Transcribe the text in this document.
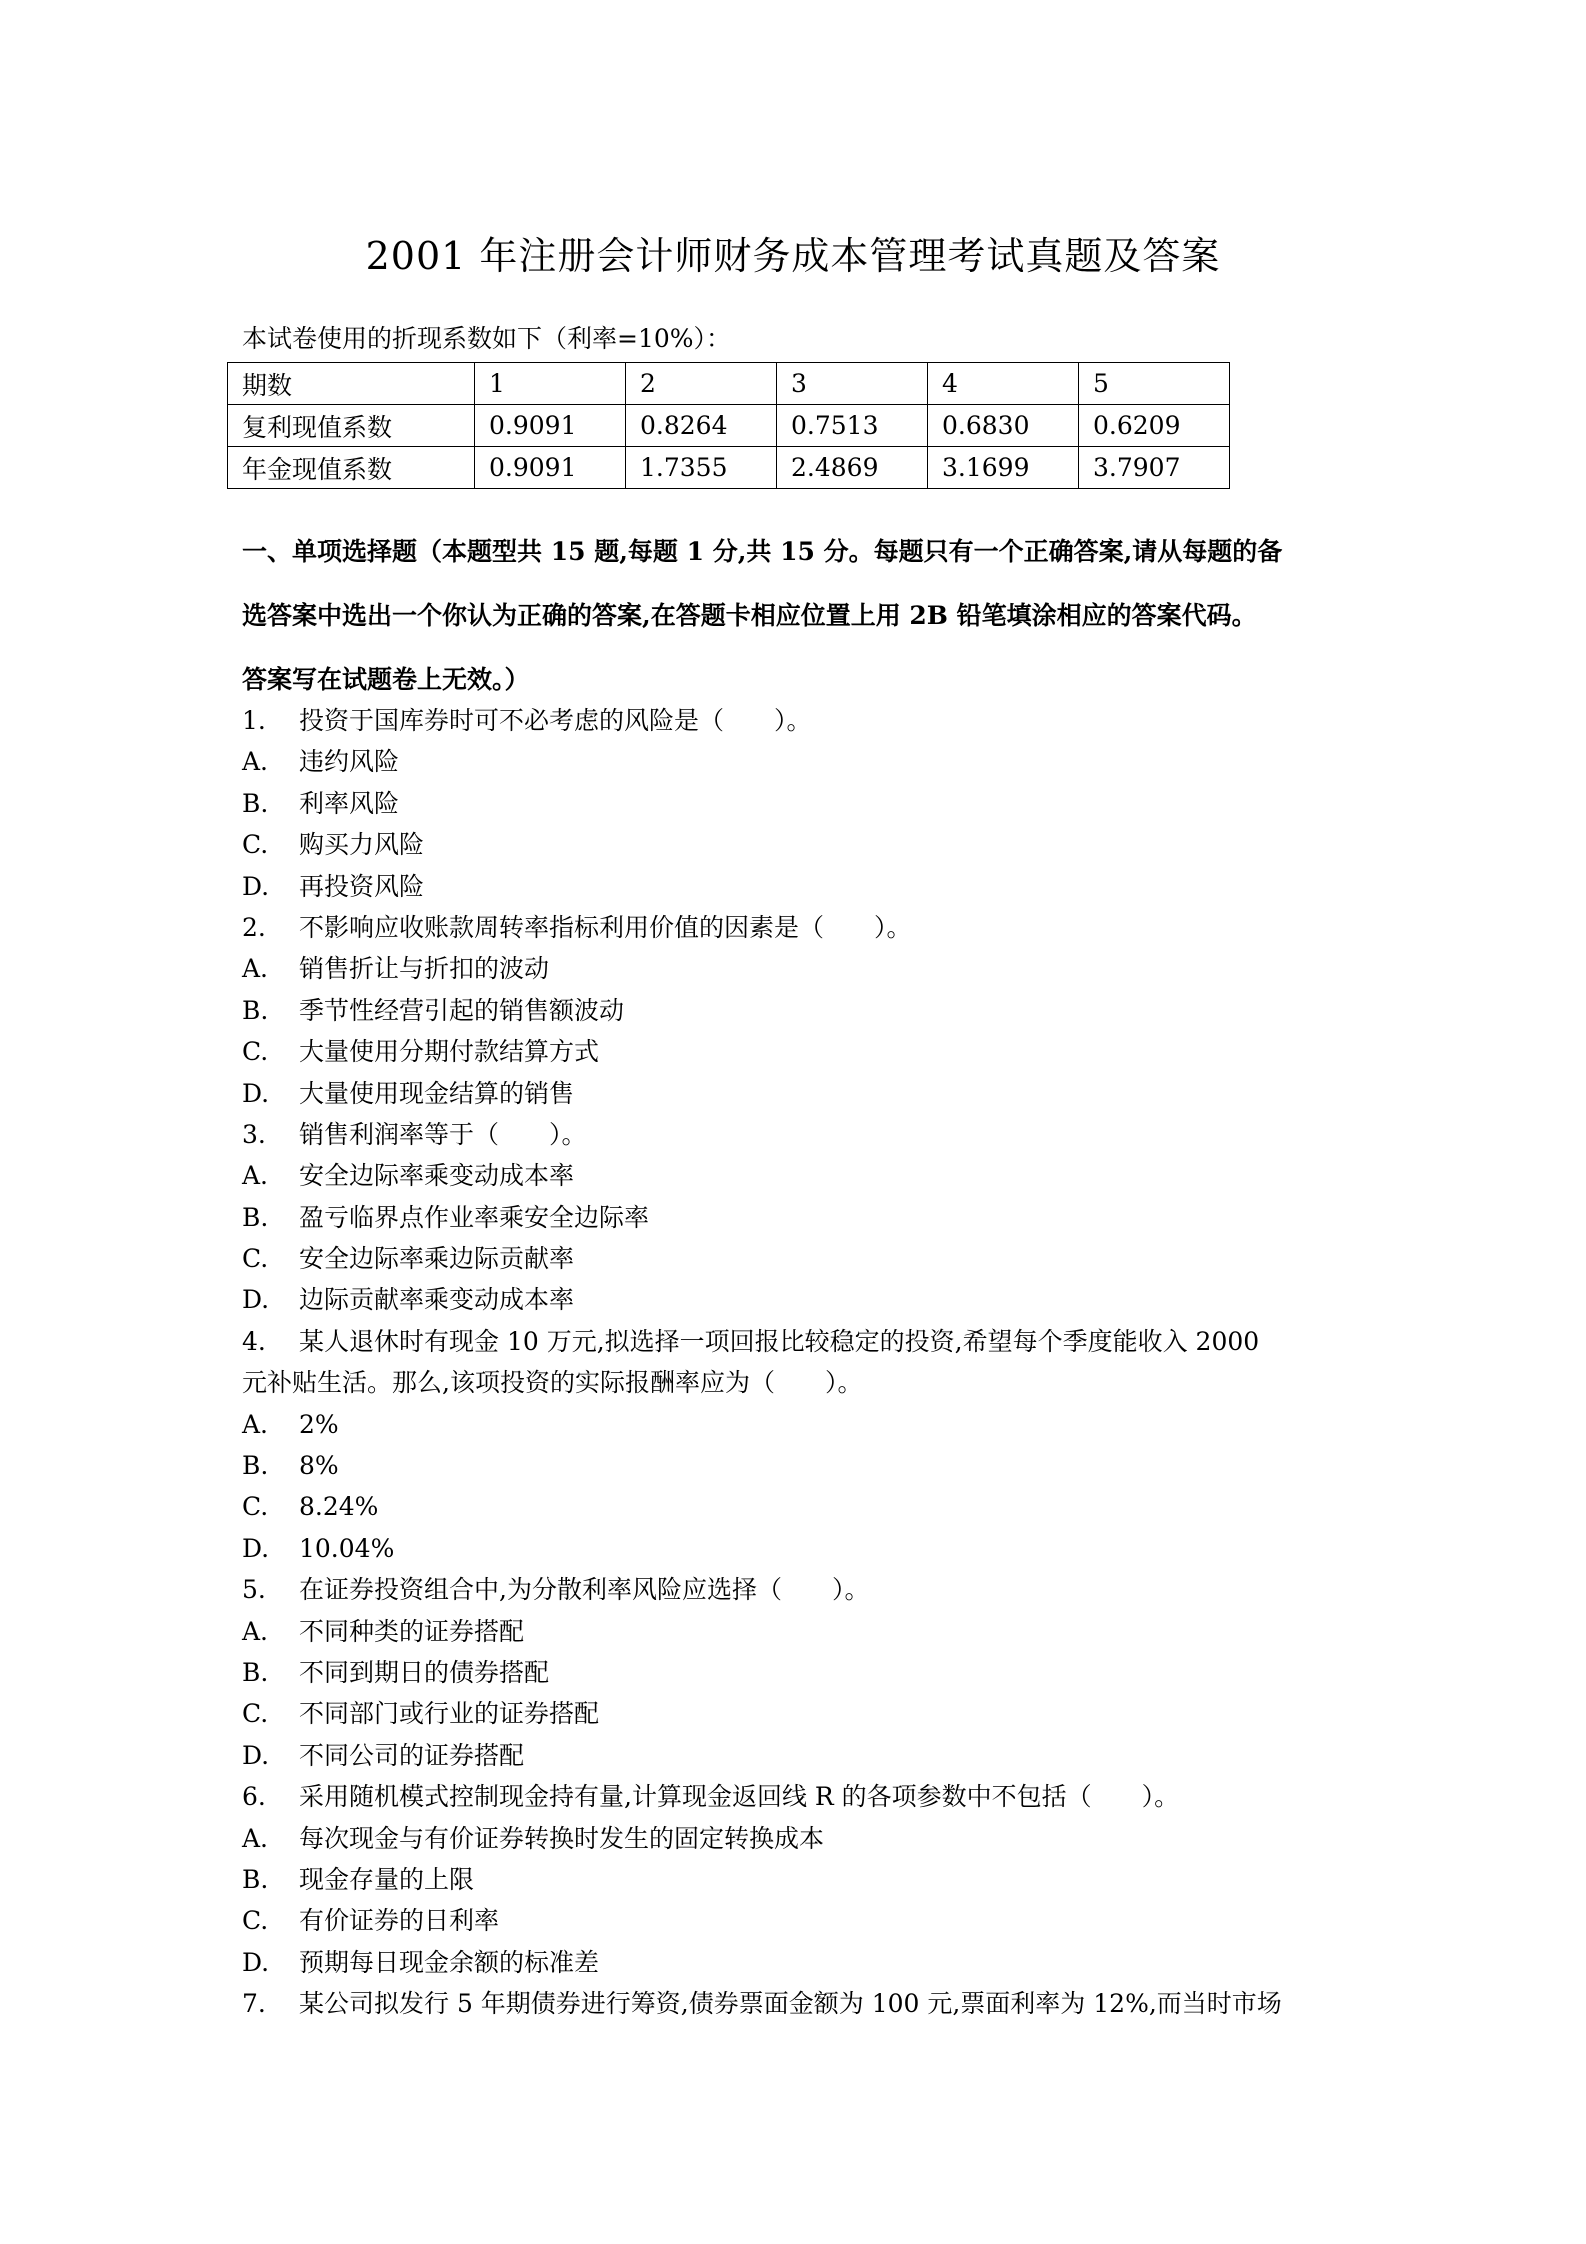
2001 年注册会计师财务成本管理考试真题及答案
本试卷使用的折现系数如下（利率=10%）：
期数	1	2	3	4	5
复利现值系数	0.9091	0.8264	0.7513	0.6830	0.6209
年金现值系数	0.9091	1.7355	2.4869	3.1699	3.7907
一、单项选择题（本题型共 15 题,每题 1 分,共 15 分。每题只有一个正确答案,请从每题的备
选答案中选出一个你认为正确的答案,在答题卡相应位置上用 2B 铅笔填涂相应的答案代码。
答案写在试题卷上无效。）
1. 投资于国库券时可不必考虑的风险是（　　）。
A. 违约风险
B. 利率风险
C. 购买力风险
D. 再投资风险
2. 不影响应收账款周转率指标利用价值的因素是（　　）。
A. 销售折让与折扣的波动
B. 季节性经营引起的销售额波动
C. 大量使用分期付款结算方式
D. 大量使用现金结算的销售
3. 销售利润率等于（　　）。
A. 安全边际率乘变动成本率
B. 盈亏临界点作业率乘安全边际率
C. 安全边际率乘边际贡献率
D. 边际贡献率乘变动成本率
4. 某人退休时有现金 10 万元,拟选择一项回报比较稳定的投资,希望每个季度能收入 2000
元补贴生活。那么,该项投资的实际报酬率应为（　　）。
A. 2%
B. 8%
C. 8.24%
D. 10.04%
5. 在证券投资组合中,为分散利率风险应选择（　　）。
A. 不同种类的证券搭配
B. 不同到期日的债券搭配
C. 不同部门或行业的证券搭配
D. 不同公司的证券搭配
6. 采用随机模式控制现金持有量,计算现金返回线 R 的各项参数中不包括（　　）。
A. 每次现金与有价证券转换时发生的固定转换成本
B. 现金存量的上限
C. 有价证券的日利率
D. 预期每日现金余额的标准差
7. 某公司拟发行 5 年期债券进行筹资,债券票面金额为 100 元,票面利率为 12%,而当时市场
